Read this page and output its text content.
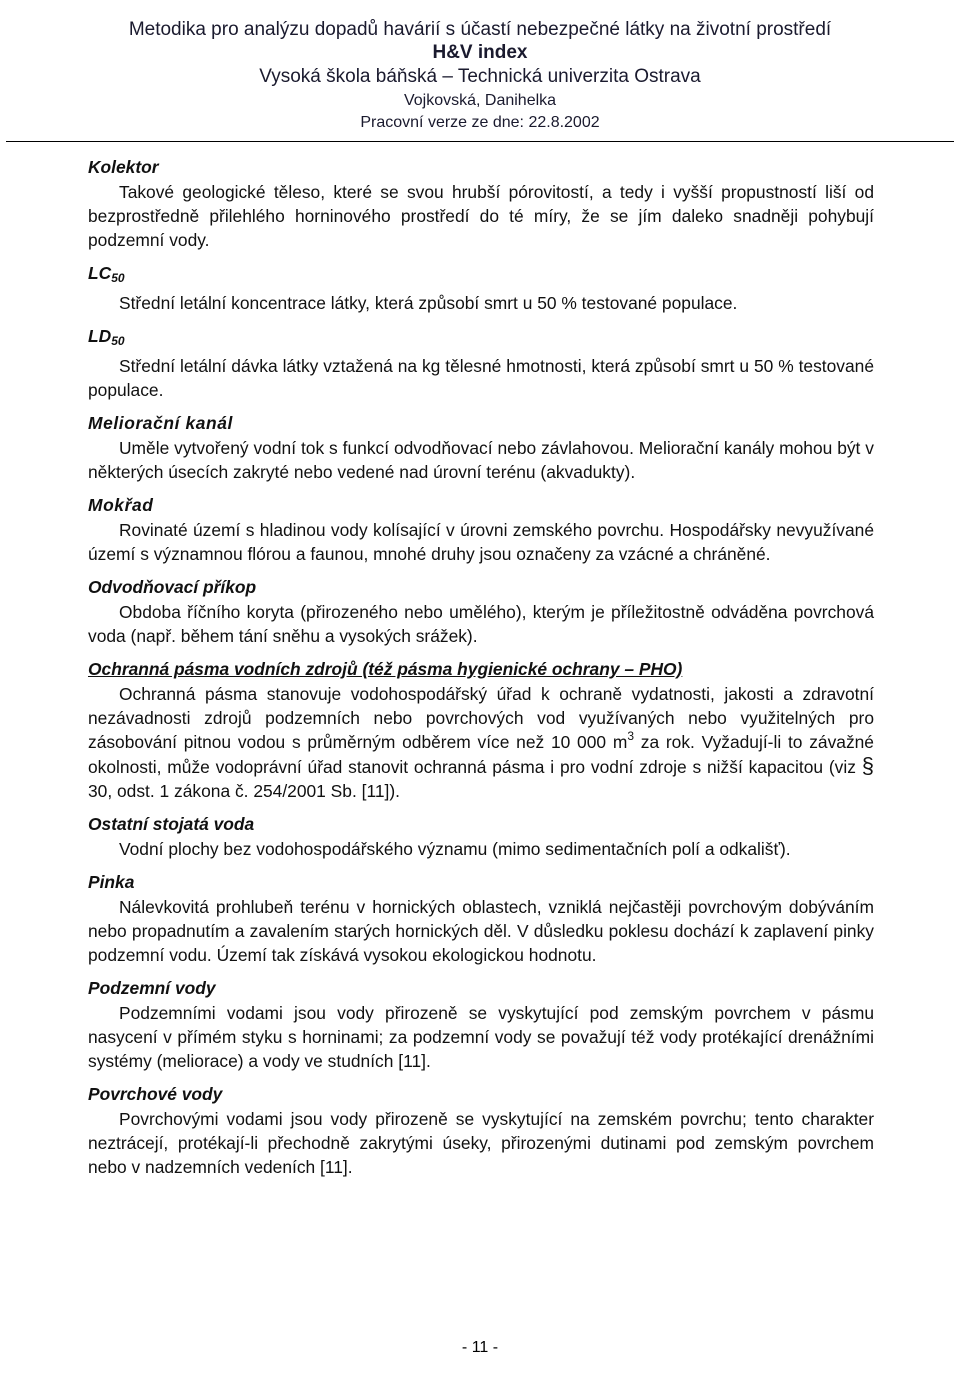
Metodika pro analýzu dopadů havárií s účastí nebezpečné látky na životní prostředí
H&V index
Vysoká škola báňská – Technická univerzita Ostrava
Vojkovská, Danihelka
Pracovní verze ze dne: 22.8.2002

Kolektor

Takové geologické těleso, které se svou hrubší pórovitostí, a tedy i vyšší propustností liší od bezprostředně přilehlého horninového prostředí do té míry, že se jím daleko snadněji pohybují podzemní vody.

$LC_{50}$

Střední letální koncentrace látky, která způsobí smrt u 50 % testované populace.

$LD_{50}$

Střední letální dávka látky vztažená na kg tělesné hmotnosti, která způsobí smrt u 50 % testované populace.

Meliorační kanál

Uměle vytvořený vodní tok s funkcí odvodňovací nebo závlahovou. Meliorační kanály mohou být v některých úsecích zakryté nebo vedené nad úrovní terénu (akvadukty).

Mokřad

Rovinaté území s hladinou vody kolísající v úrovni zemského povrchu. Hospodářsky nevyužívané území s významnou flórou a faunou, mnohé druhy jsou označeny za vzácné a chráněné.

Odvodňovací příkop

Obdoba říčního koryta (přirozeného nebo umělého), kterým je příležitostně odváděna povrchová voda (např. během tání sněhu a vysokých srážek).

Ochranná pásma vodních zdrojů (též pásma hygienické ochrany – PHO)

Ochranná pásma stanovuje vodohospodářský úřad k ochraně vydatnosti, jakosti a zdravotní nezávadnosti zdrojů podzemních nebo povrchových vod využívaných nebo využitelných pro zásobování pitnou vodou s průměrným odběrem více než 10 000 $m^3$ za rok. Vyžadují-li to závažné okolnosti, může vodoprávní úřad stanovit ochranná pásma i pro vodní zdroje s nižší kapacitou (viz § 30, odst. 1 zákona č. 254/2001 Sb. [11]).

Ostatní stojatá voda

Vodní plochy bez vodohospodářského významu (mimo sedimentačních polí a odkališť).

Pinka

Nálevkovitá prohlubeň terénu v hornických oblastech, vzniklá nejčastěji povrchovým dobýváním nebo propadnutím a zavalením starých hornických děl. V důsledku poklesu dochází k zaplavení pinky podzemní vodu. Území tak získává vysokou ekologickou hodnotu.

Podzemní vody

Podzemními vodami jsou vody přirozeně se vyskytující pod zemským povrchem v pásmu nasycení v přímém styku s horninami; za podzemní vody se považují též vody protékající drenážními systémy (meliorace) a vody ve studních [11].

Povrchové vody

Povrchovými vodami jsou vody přirozeně se vyskytující na zemském povrchu; tento charakter neztrácejí, protékají-li přechodně zakrytými úseky, přirozenými dutinami pod zemským povrchem nebo v nadzemních vedeních [11].

- 11 -
